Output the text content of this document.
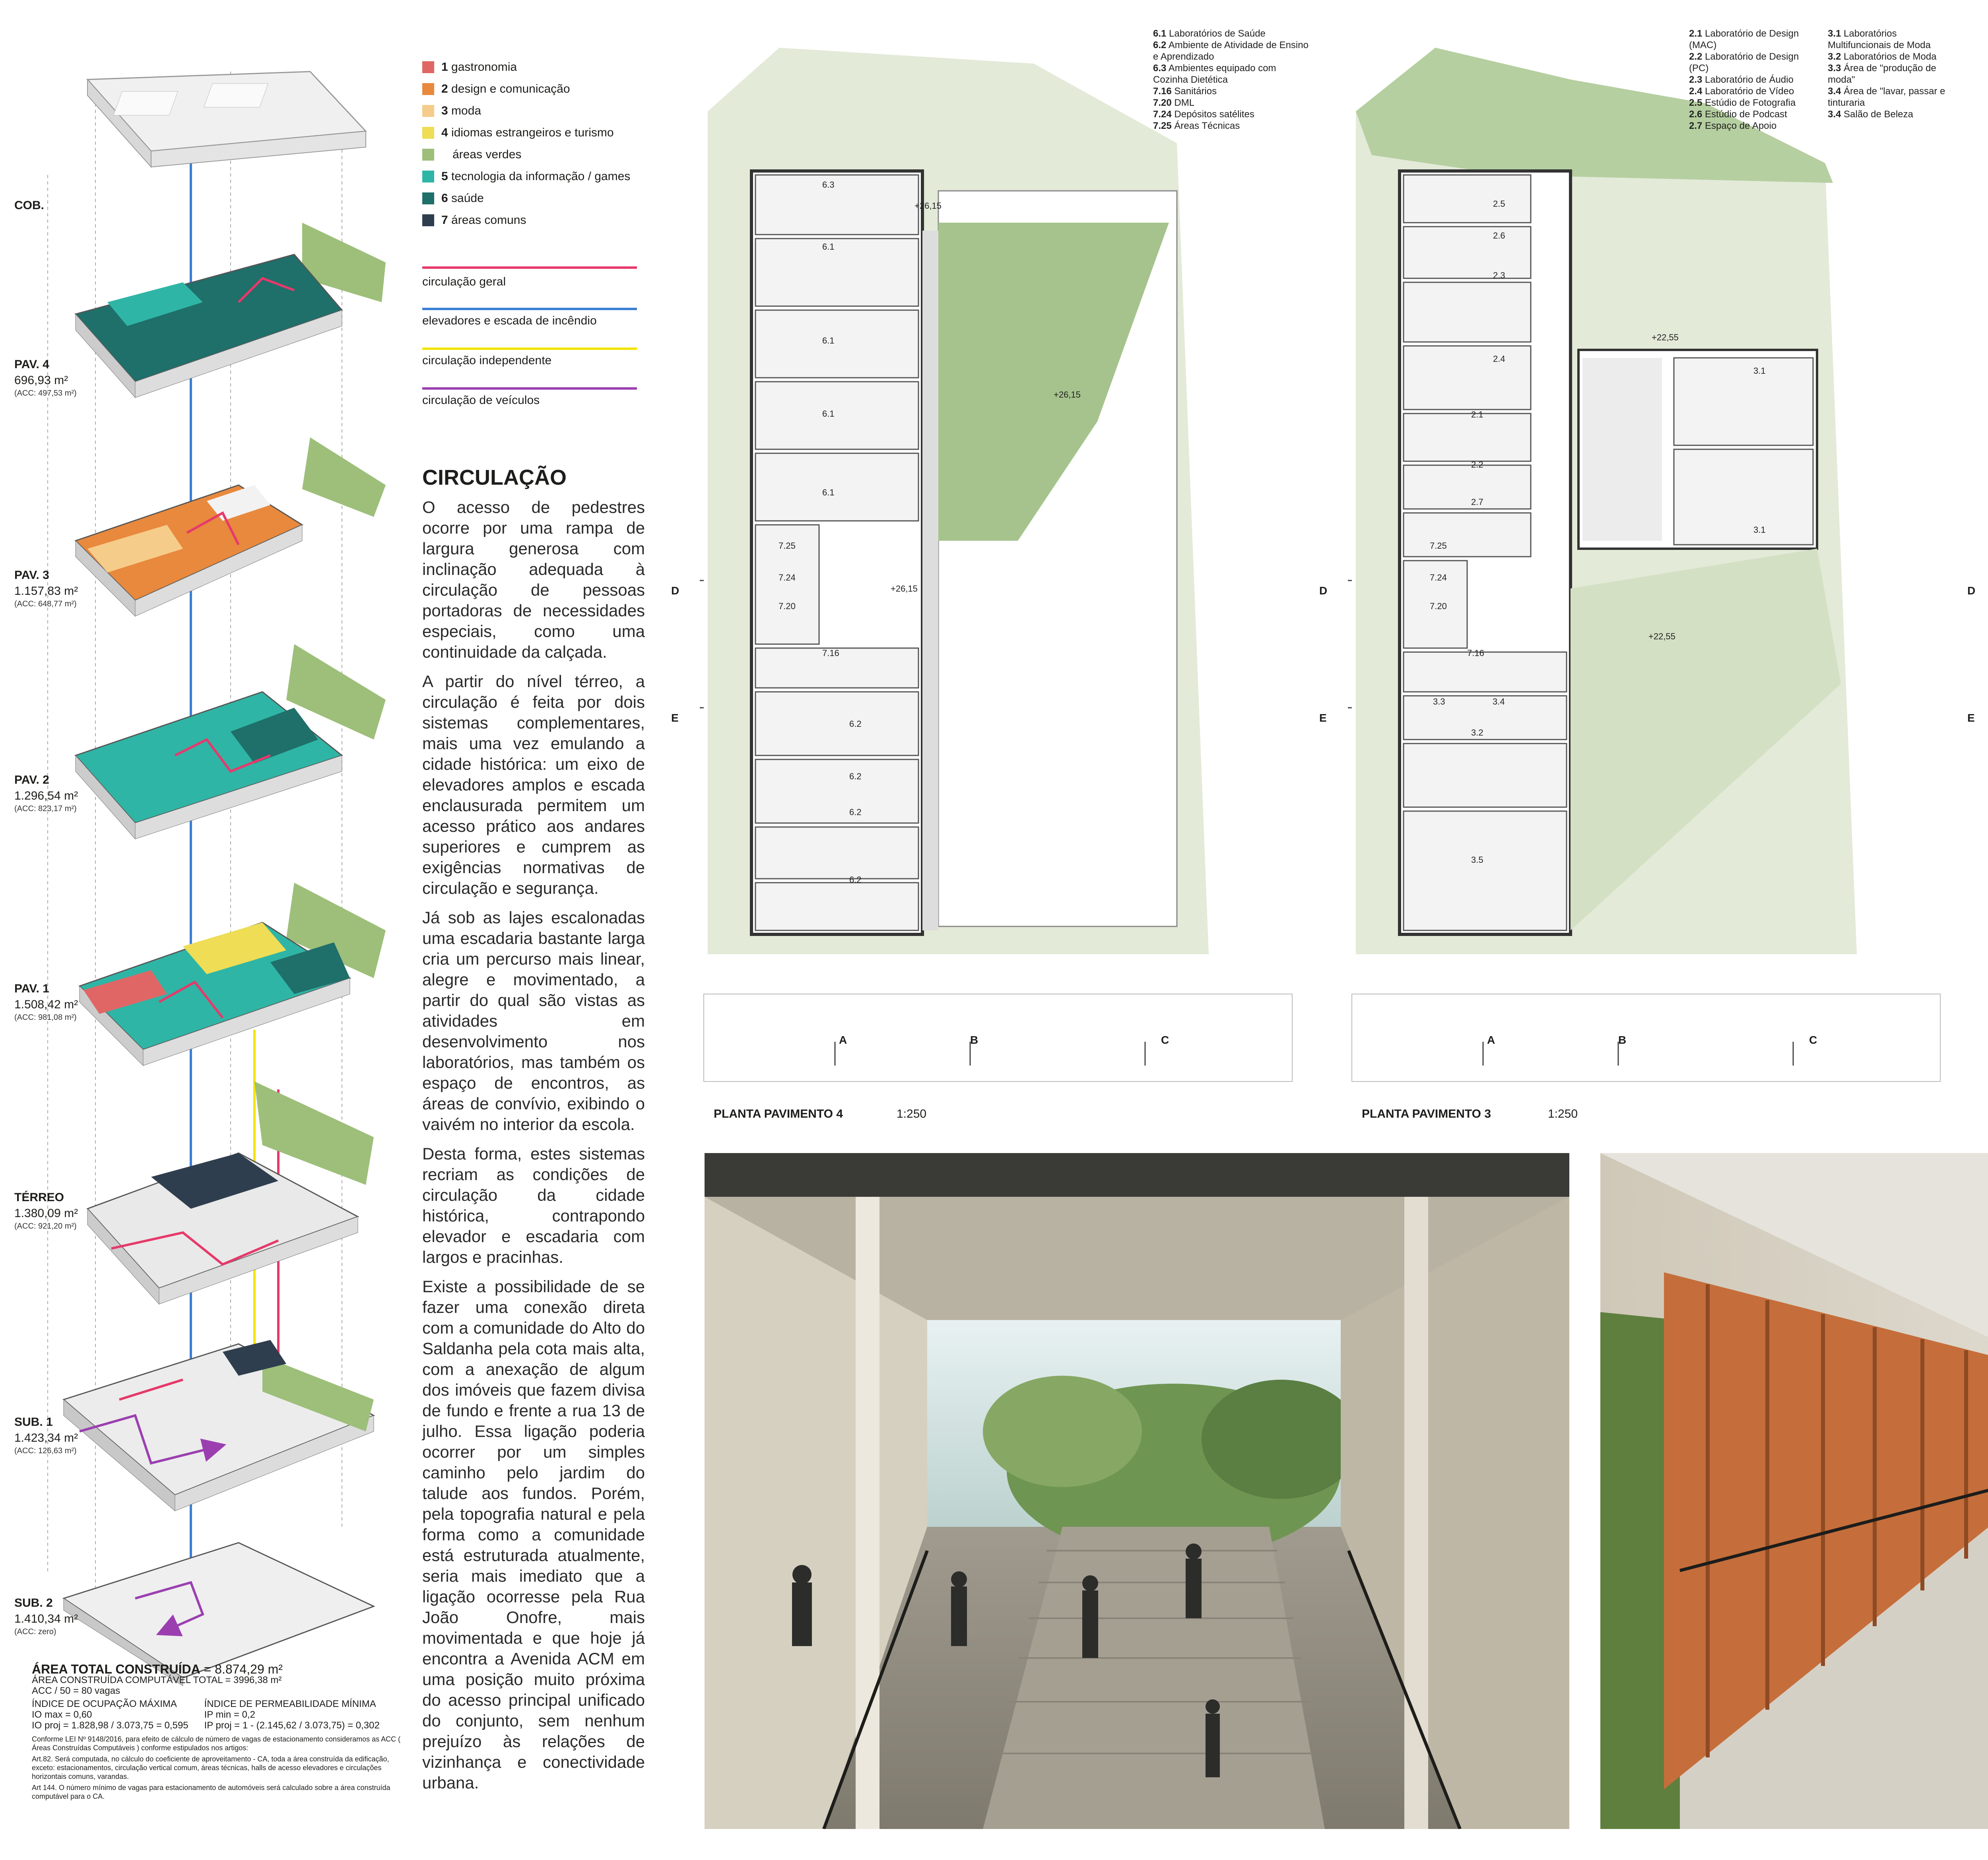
COB.
PAV. 4
696,93 m²
(ACC: 497,53 m²)
PAV. 3
1.157,83 m²
(ACC: 648,77 m²)
PAV. 2
1.296,54 m²
(ACC: 823,17 m²)
PAV. 1
1.508,42 m²
(ACC: 981,08 m²)
TÉRREO
1.380,09 m²
(ACC: 921,20 m²)
SUB. 1
1.423,34 m²
(ACC: 126,63 m²)
SUB. 2
1.410,34 m²
(ACC: zero)
ÁREA TOTAL CONSTRUÍDA = 8.874,29 m²
ÁREA CONSTRUÍDA COMPUTÁVEL TOTAL = 3996,38 m²
ACC / 50 = 80 vagas
ÍNDICE DE OCUPAÇÃO MÁXIMA
IO max = 0,60
IO proj = 1.828,98 / 3.073,75 = 0,595
ÍNDICE DE PERMEABILIDADE MÍNIMA
IP min = 0,2
IP proj = 1 - (2.145,62 / 3.073,75) = 0,302
Conforme LEI Nº 9148/2016, para efeito de cálculo de número de vagas de estacionamento consideramos as ACC ( Áreas Construídas Computáveis ) conforme estipulados nos artigos:
Art.82. Será computada, no cálculo do coeficiente de aproveitamento - CA, toda a área construída da edificação, exceto: estacionamentos, circulação vertical comum, áreas técnicas, halls de acesso elevadores e circulações horizontais comuns, varandas.
Art 144. O número mínimo de vagas para estacionamento de automóveis será calculado sobre a área construída computável para o CA.
1
gastronomia
2
design e comunicação
3
moda
4
idiomas estrangeiros e turismo
áreas verdes
5
tecnologia da informação / games
6
saúde
7
áreas comuns
circulação geral
elevadores e escada de incêndio
circulação independente
circulação de veículos
CIRCULAÇÃO

O acesso de pedestres ocorre por uma rampa de largura generosa com inclinação adequada à circulação de pessoas portadoras de necessidades especiais, como uma continuidade da calçada.

A partir do nível térreo, a circulação é feita por dois sistemas complementares, mais uma vez emulando a cidade histórica: um eixo de elevadores amplos e escada enclausurada permitem um acesso prático aos andares superiores e cumprem as exigências normativas de circulação e segurança.

Já sob as lajes escalonadas uma escadaria bastante larga cria um percurso mais linear, alegre e movimentado, a partir do qual são vistas as atividades em desenvolvimento nos laboratórios, mas também os espaço de encontros, as áreas de convívio, exibindo o vaivém no interior da escola.

Desta forma, estes sistemas recriam as condições de circulação da cidade histórica, contrapondo elevador e escadaria com largos e pracinhas.

Existe a possibilidade de se fazer uma conexão direta com a comunidade do Alto do Saldanha pela cota mais alta, com a anexação de algum dos imóveis que fazem divisa de fundo e frente a rua 13 de julho. Essa ligação poderia ocorrer por um simples caminho pelo jardim do talude aos fundos. Porém, pela topografia natural e pela forma como a comunidade está estruturada atualmente, seria mais imediato que a ligação ocorresse pela Rua João Onofre, mais movimentada e que hoje já encontra a Avenida ACM em uma posição muito próxima do acesso principal unificado do conjunto, sem nenhum prejuízo às relações de vizinhança e conectividade urbana.

6.1 Laboratórios de Saúde
6.2 Ambiente de Atividade de Ensino e Aprendizado
6.3 Ambientes equipado com Cozinha Dietética
7.16 Sanitários
7.20 DML
7.24 Depósitos satélites
7.25 Áreas Técnicas
6.3
6.1
6.1
6.1
6.1
7.25
7.24
7.20
7.16
6.2
6.2
6.2
6.2
+26,15
+26,15
+26,15
D
E
A	B	C
PLANTA PAVIMENTO 4	1:250
2.1 Laboratório de Design (MAC)
2.2 Laboratório de Design (PC)
2.3 Laboratório de Áudio
2.4 Laboratório de Vídeo
2.5 Estúdio de Fotografia
2.6 Estúdio de Podcast
2.7 Espaço de Apoio
3.1 Laboratórios Multifuncionais de Moda
3.2 Laboratórios de Moda
3.3 Área de "produção de moda"
3.4 Área de "lavar, passar e tinturaria
3.4 Salão de Beleza
2.5
2.6
2.3
2.4
2.1
2.2
2.7
3.1
3.1
7.25
7.24
7.20
7.16
3.3	3.4
3.2
3.5
+22,55
+22,55
D
E
A	B	C
PLANTA PAVIMENTO 3	1:250
D
E
